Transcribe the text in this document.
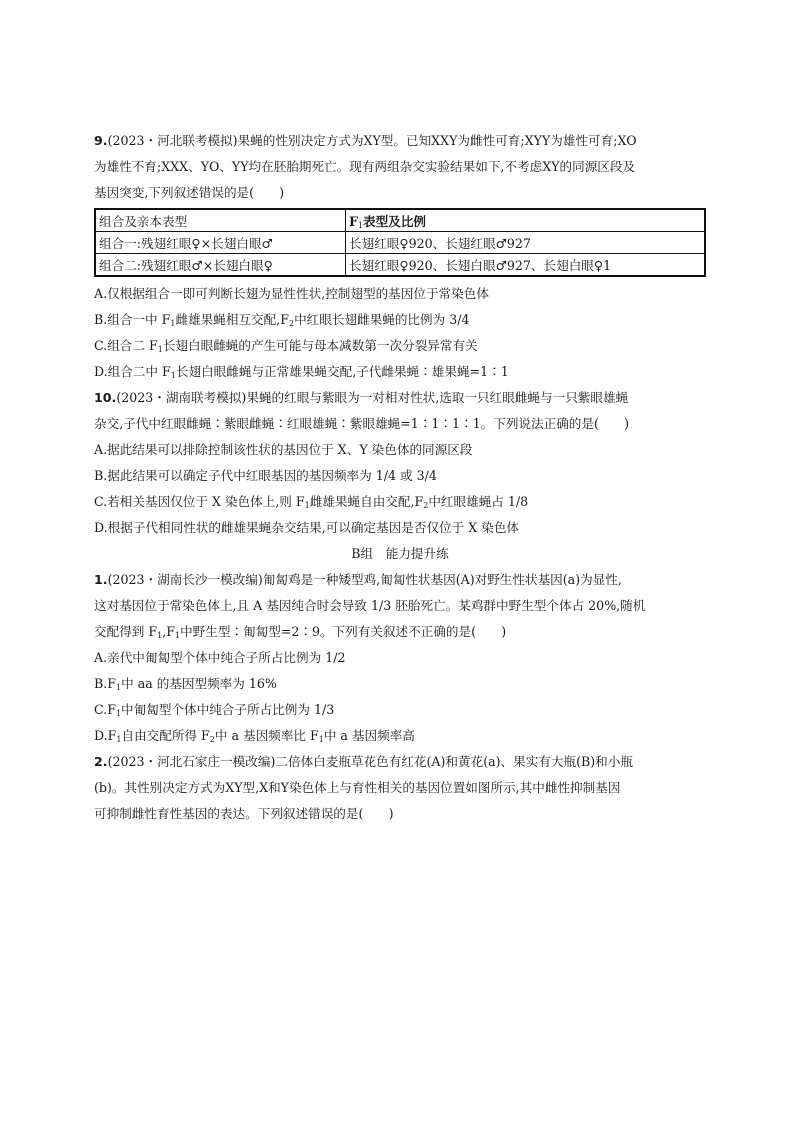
9.(2023・河北联考模拟)果蝇的性别决定方式为XY型。已知XXY为雌性可育;XYY为雄性可育;XO
为雄性不育;XXX、YO、YY均在胚胎期死亡。现有两组杂交实验结果如下,不考虑XY的同源区段及
基因突变,下列叙述错误的是(　　)
组合及亲本表型	$F_1$表型及比例
组合一:残翅红眼♀×长翅白眼♂	长翅红眼♀920、长翅红眼♂927
组合二:残翅红眼♂×长翅白眼♀	长翅红眼♀920、长翅白眼♂927、长翅白眼♀1
A.仅根据组合一即可判断长翅为显性性状,控制翅型的基因位于常染色体
B.组合一中 $F_1$雌雄果蝇相互交配$,F_2$中红眼长翅雌果蝇的比例为 3/4
C.组合二 $F_1$长翅白眼雌蝇的产生可能与母本减数第一次分裂异常有关
D.组合二中 $F_1$长翅白眼雌蝇与正常雄果蝇交配,子代雌果蝇∶雄果蝇=1∶1
10.(2023・湖南联考模拟)果蝇的红眼与紫眼为一对相对性状,选取一只红眼雌蝇与一只紫眼雄蝇
杂交,子代中红眼雌蝇∶紫眼雌蝇∶红眼雄蝇∶紫眼雄蝇=1∶1∶1∶1。下列说法正确的是(　　)
A.据此结果可以排除控制该性状的基因位于 X、Y 染色体的同源区段
B.据此结果可以确定子代中红眼基因的基因频率为 1/4 或 3/4
C.若相关基因仅位于 X 染色体上,则 $F_1$雌雄果蝇自由交配$,F_2$中红眼雄蝇占 1/8
D.根据子代相同性状的雌雄果蝇杂交结果,可以确定基因是否仅位于 X 染色体
B组　能力提升练
1.(2023・湖南长沙一模改编)匍匐鸡是一种矮型鸡,匍匐性状基因(A)对野生性状基因(a)为显性,
这对基因位于常染色体上,且 A 基因纯合时会导致 1/3 胚胎死亡。某鸡群中野生型个体占 20%,随机
交配得到 $F_1,F_1$中野生型∶匍匐型=2∶9。下列有关叙述不正确的是(　　)
A.亲代中匍匐型个体中纯合子所占比例为 1/2
$B.F_1$中 aa 的基因型频率为 16%
$C.F_1$中匍匐型个体中纯合子所占比例为 1/3
$D.F_1$自由交配所得 $F_2$中 a 基因频率比 $F_1$中 a 基因频率高
2.(2023・河北石家庄一模改编)二倍体白麦瓶草花色有红花(A)和黄花(a)、果实有大瓶(B)和小瓶
(b)。其性别决定方式为XY型,X和Y染色体上与育性相关的基因位置如图所示,其中雌性抑制基因
可抑制雌性育性基因的表达。下列叙述错误的是(　　)
